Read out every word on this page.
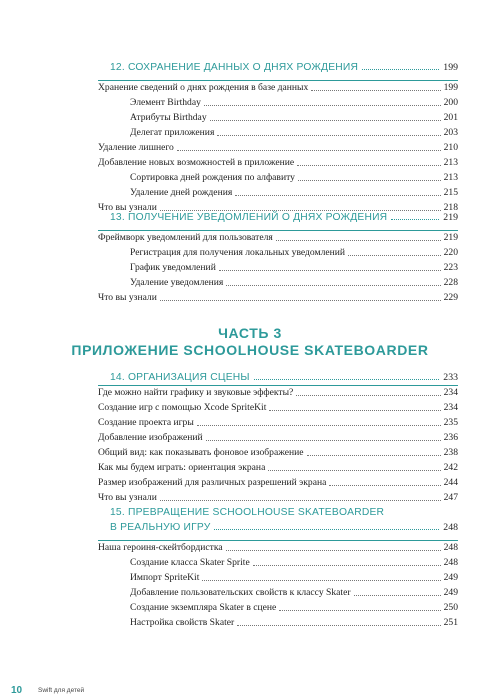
12. СОХРАНЕНИЕ ДАННЫХ О ДНЯХ РОЖДЕНИЯ	199
Хранение сведений о днях рождения в базе данных	199
Элемент Birthday	200
Атрибуты Birthday	201
Делегат приложения	203
Удаление лишнего	210
Добавление новых возможностей в приложение	213
Сортировка дней рождения по алфавиту	213
Удаление дней рождения	215
Что вы узнали	218
13. ПОЛУЧЕНИЕ УВЕДОМЛЕНИЙ О ДНЯХ РОЖДЕНИЯ	219
Фреймворк уведомлений для пользователя	219
Регистрация для получения локальных уведомлений	220
График уведомлений	223
Удаление уведомления	228
Что вы узнали	229
ЧАСТЬ 3
ПРИЛОЖЕНИЕ SCHOOLHOUSE SKATEBOARDER
14. ОРГАНИЗАЦИЯ СЦЕНЫ	233
Где можно найти графику и звуковые эффекты?	234
Создание игр с помощью Xcode SpriteKit	234
Создание проекта игры	235
Добавление изображений	236
Общий вид: как показывать фоновое изображение	238
Как мы будем играть: ориентация экрана	242
Размер изображений для различных разрешений экрана	244
Что вы узнали	247
15. ПРЕВРАЩЕНИЕ SCHOOLHOUSE SKATEBOARDER
В РЕАЛЬНУЮ ИГРУ	248
Наша героиня-скейтбордистка	248
Создание класса Skater Sprite	248
Импорт SpriteKit	249
Добавление пользовательских свойств к классу Skater	249
Создание экземпляра Skater в сцене	250
Настройка свойств Skater	251
10 Swift для детей
